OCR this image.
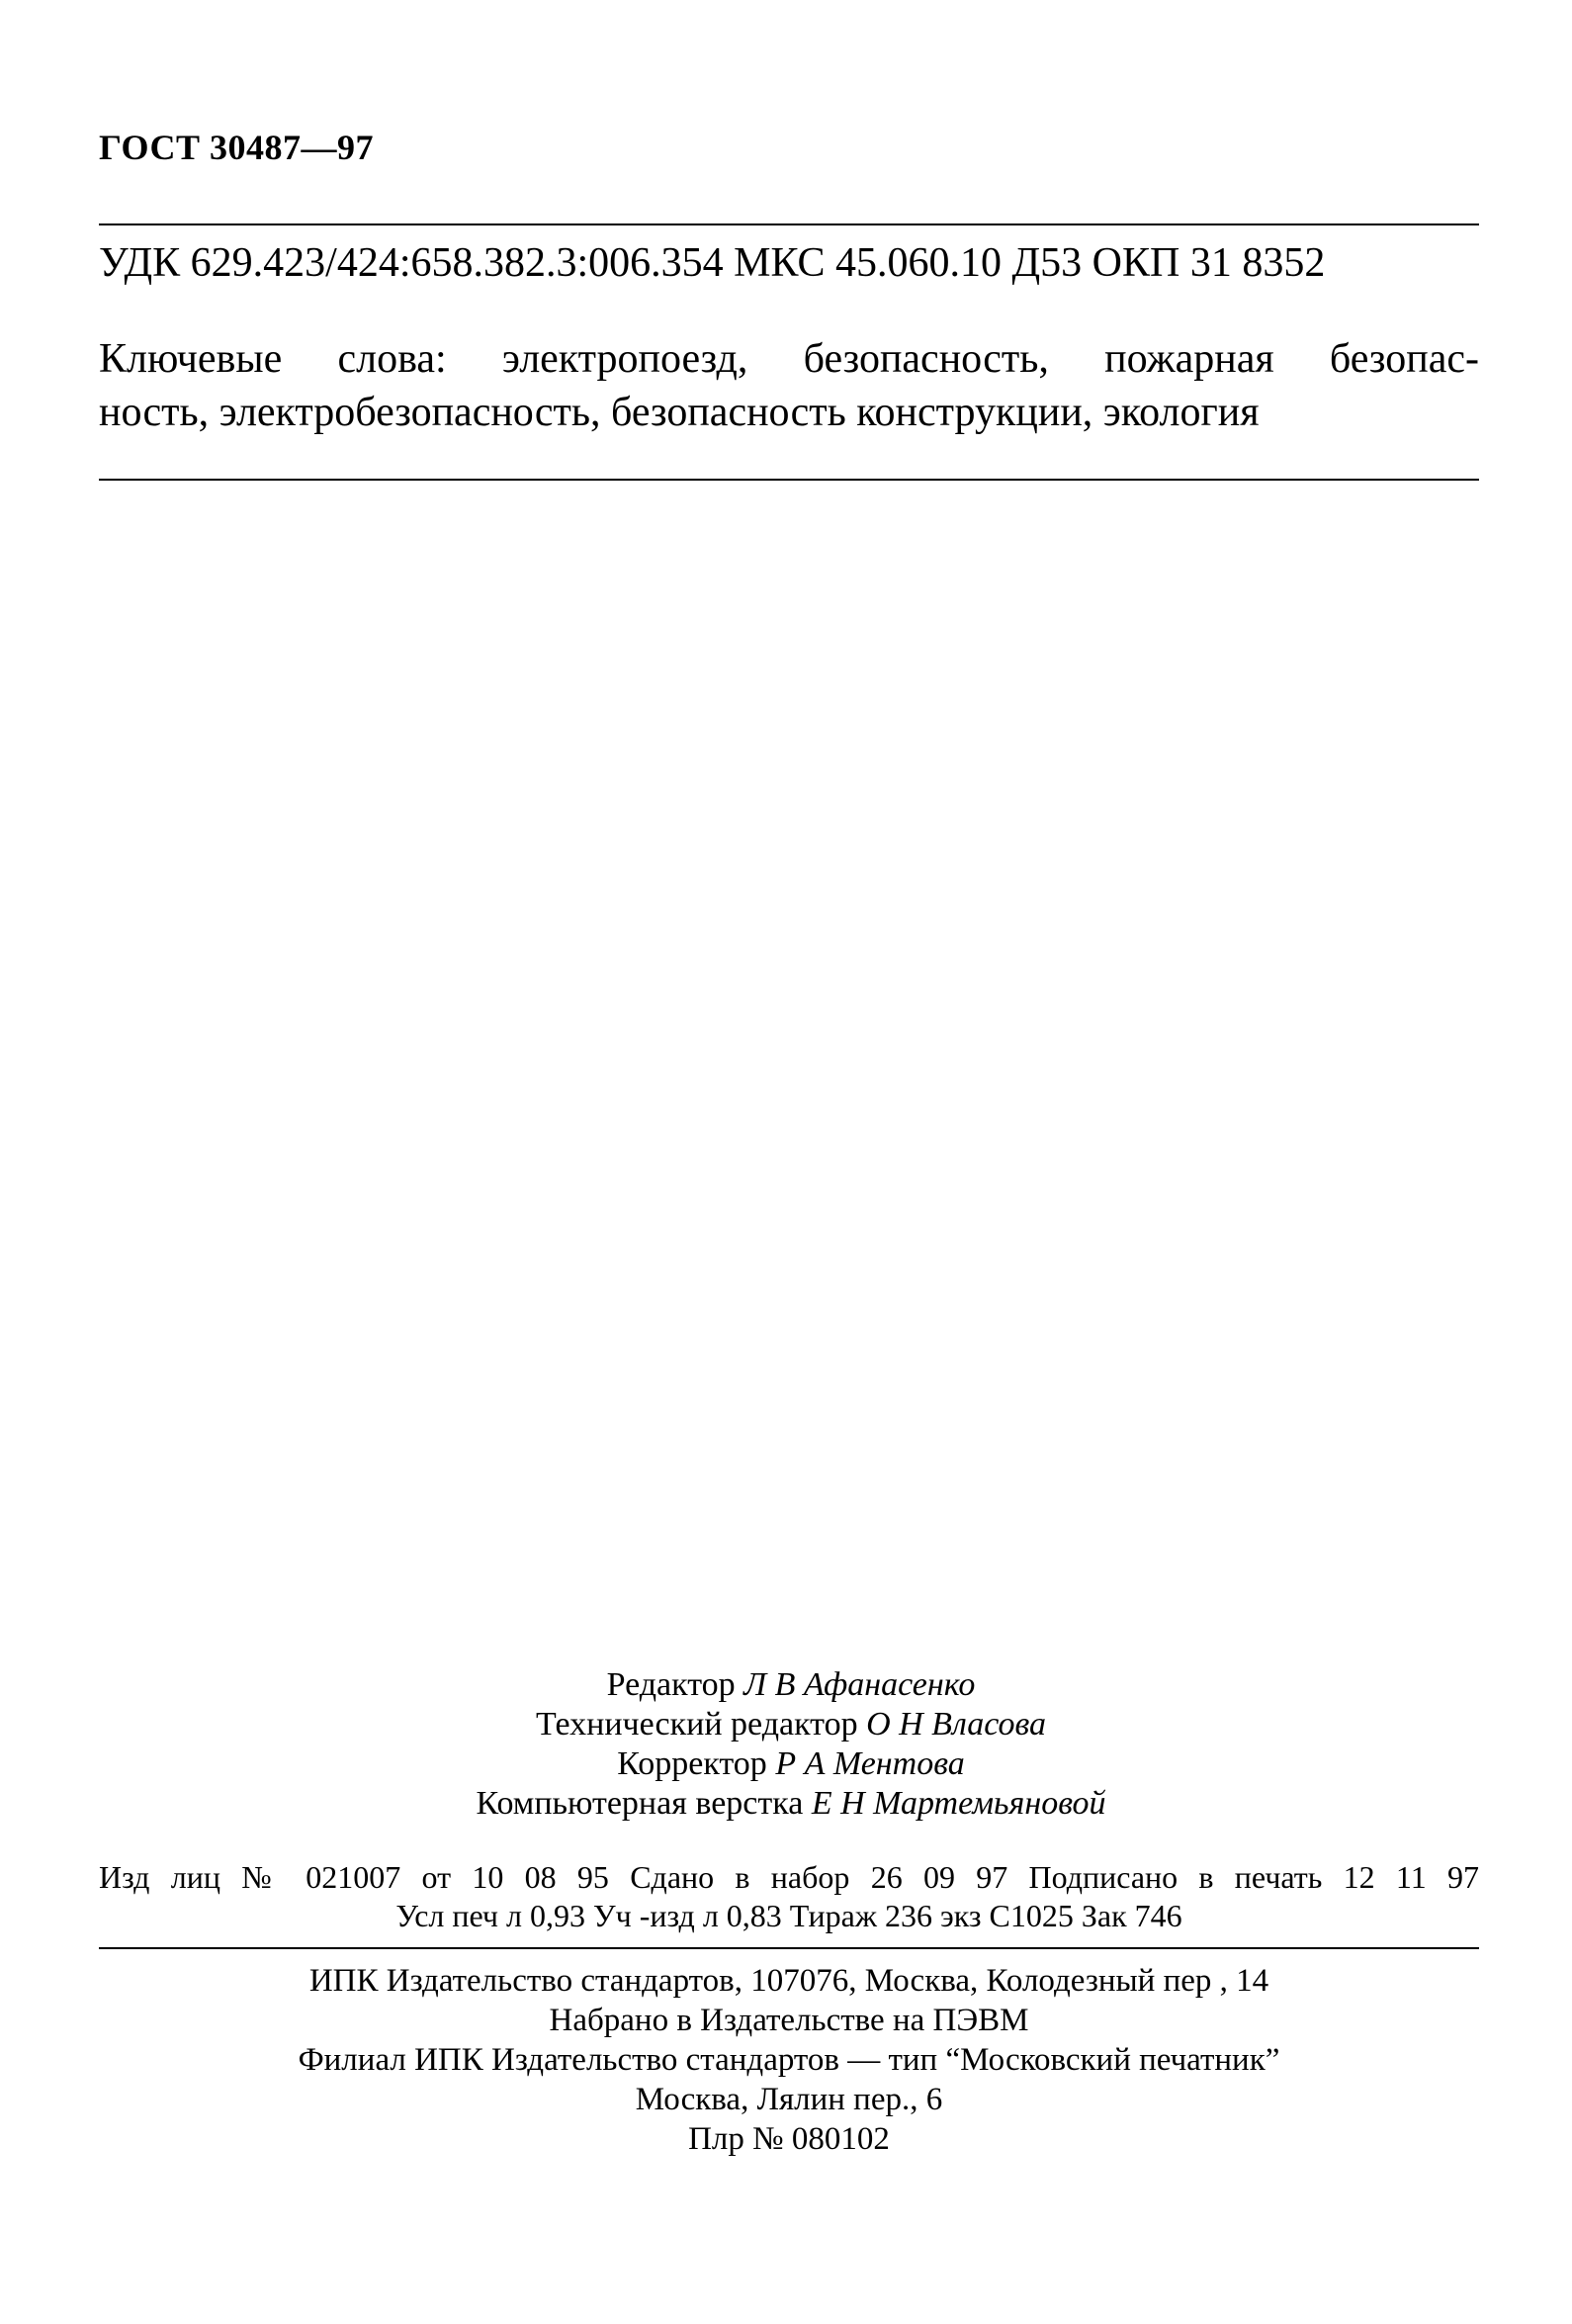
ГОСТ 30487—97
УДК 629.423/424:658.382.3:006.354 МКС 45.060.10 Д53 ОКП 31 8352
Ключевые слова: электропоезд, безопасность, пожарная безопас-
ность, электробезопасность, безопасность конструкции, экология
Редактор Л В Афанасенко
Технический редактор О Н Власова
Корректор Р А Ментова
Компьютерная верстка Е Н Мартемьяновой
Изд лиц № 021007 от 10 08 95 Сдано в набор 26 09 97 Подписано в печать 12 11 97
Усл печ л 0,93 Уч -изд л 0,83 Тираж 236 экз С1025 Зак 746
ИПК Издательство стандартов, 107076, Москва, Колодезный пер , 14
Набрано в Издательстве на ПЭВМ
Филиал ИПК Издательство стандартов — тип “Московский печатник”
Москва, Лялин пер., 6
Плр № 080102
